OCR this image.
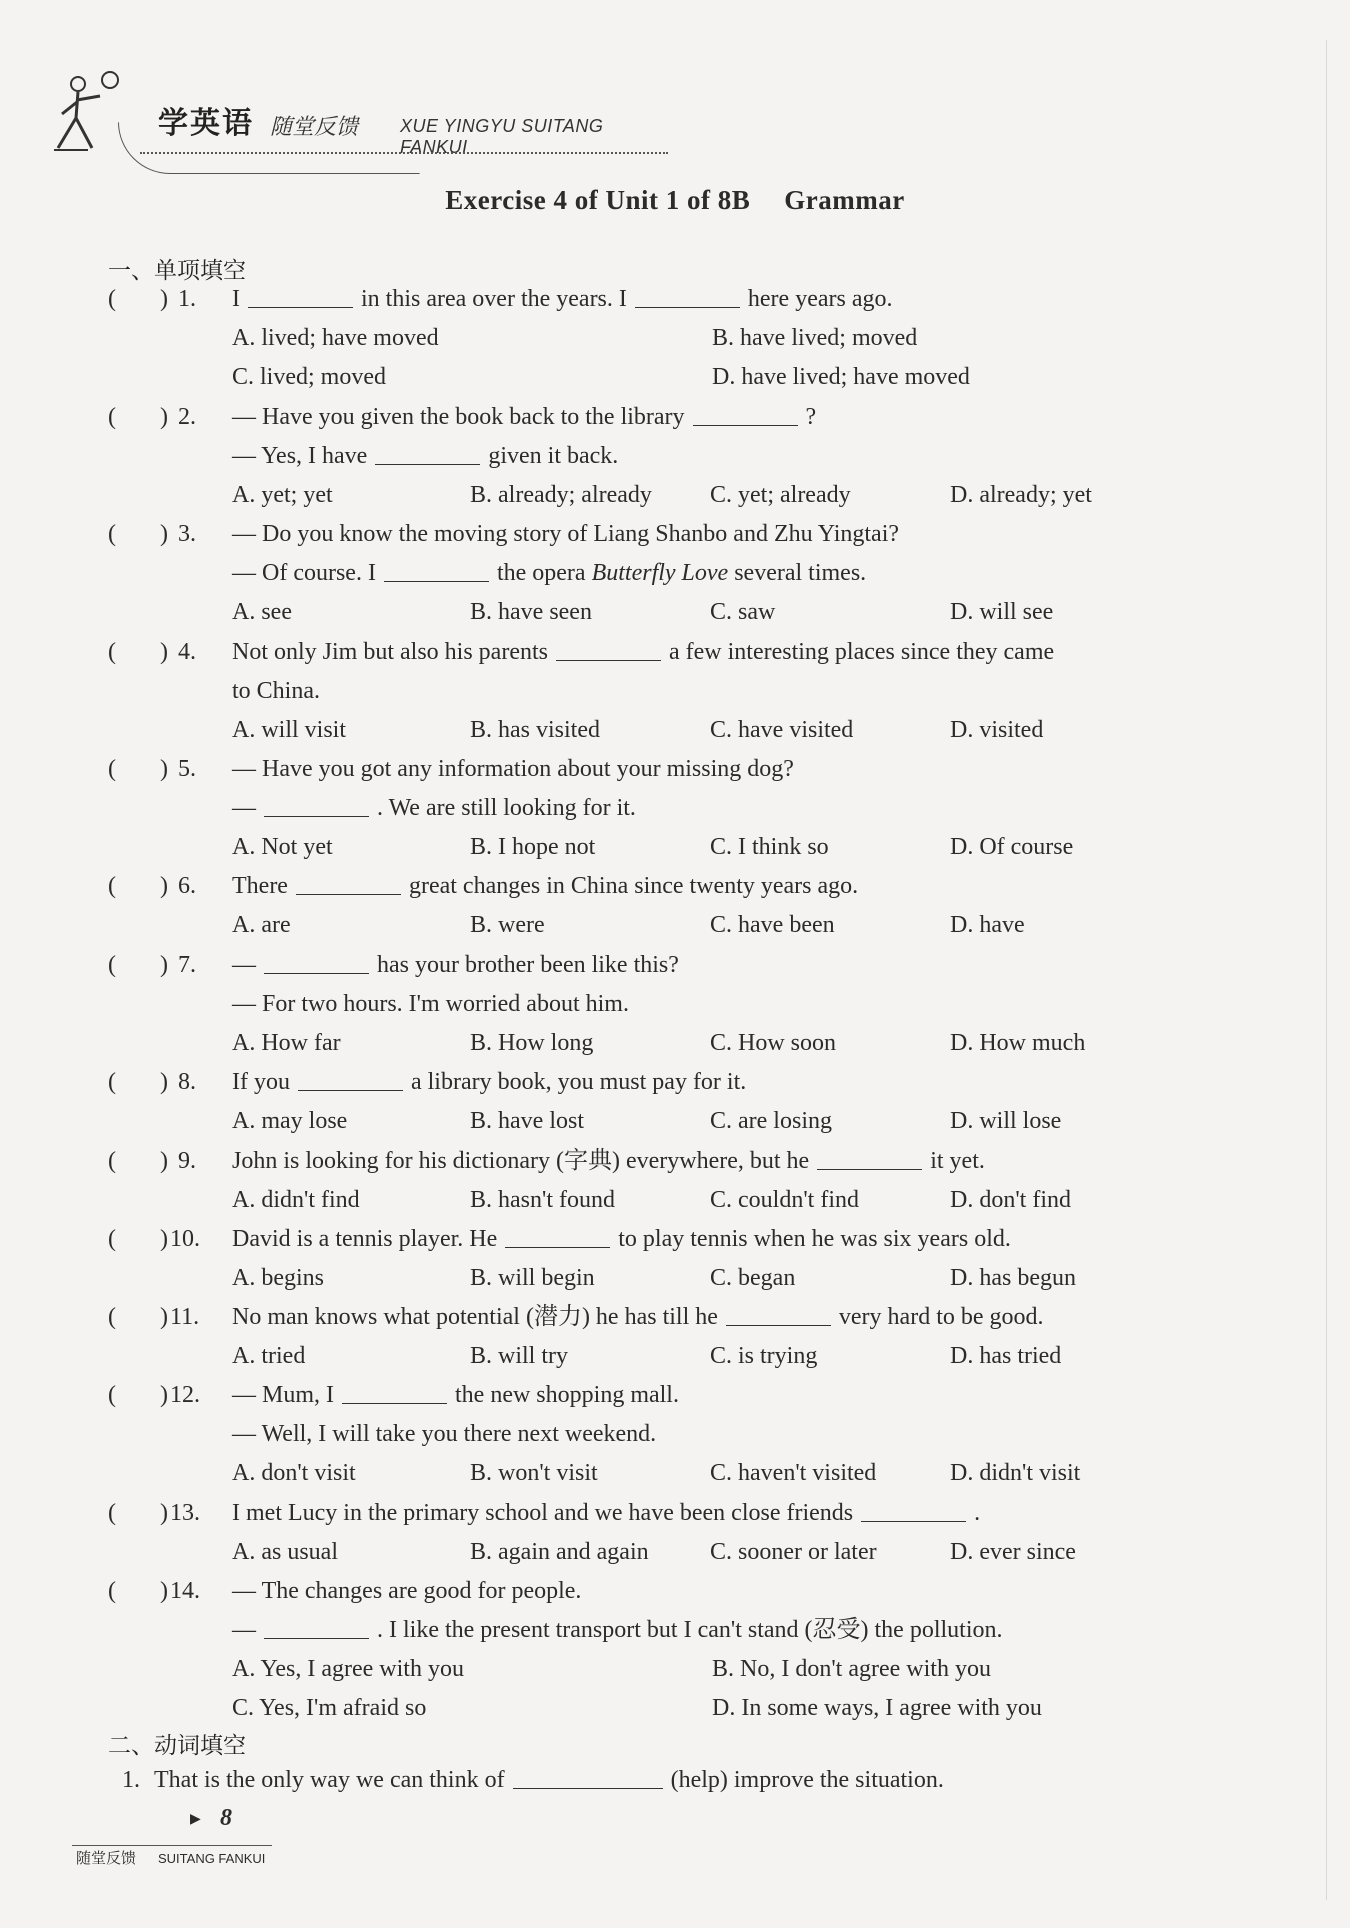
学英语 随堂反馈 XUE YINGYU SUITANG FANKUI
Exercise 4 of Unit 1 of 8B Grammar
一、单项填空
( ) 1. I	in this area over the years. I	here years ago.
A. lived; have moved	B. have lived; moved
C. lived; moved	D. have lived; have moved
( ) 2. — Have you given the book back to the library	?
— Yes, I have	given it back.
A. yet; yet	B. already; already C. yet; already	D. already; yet
( ) 3. — Do you know the moving story of Liang Shanbo and Zhu Yingtai?
— Of course. I	the opera Butterfly Love several times.
A. see	B. have seen	C. saw	D. will see
( ) 4. Not only Jim but also his parents	a few interesting places since they came
to China.
A. will visit	B. has visited	C. have visited	D. visited
( ) 5. — Have you got any information about your missing dog?
—	. We are still looking for it.
A. Not yet	B. I hope not	C. I think so	D. Of course
( ) 6. There	great changes in China since twenty years ago.
A. are	B. were	C. have been	D. have
( ) 7. —	has your brother been like this?
— For two hours. I'm worried about him.
A. How far	B. How long	C. How soon	D. How much
( ) 8. If you	a library book, you must pay for it.
A. may lose	B. have lost	C. are losing	D. will lose
( ) 9. John is looking for his dictionary (字典) everywhere, but he	it yet.
A. didn't find	B. hasn't found	C. couldn't find	D. don't find
( ) 10. David is a tennis player. He	to play tennis when he was six years old.
A. begins	B. will begin	C. began	D. has begun
( ) 11. No man knows what potential (潜力) he has till he	very hard to be good.
A. tried	B. will try	C. is trying	D. has tried
( ) 12. — Mum, I	the new shopping mall.
— Well, I will take you there next weekend.
A. don't visit	B. won't visit	C. haven't visited	D. didn't visit
( ) 13. I met Lucy in the primary school and we have been close friends	.
A. as usual	B. again and again	C. sooner or later	D. ever since
( ) 14. — The changes are good for people.
—	. I like the present transport but I can't stand (忍受) the pollution.
A. Yes, I agree with you	B. No, I don't agree with you
C. Yes, I'm afraid so	D. In some ways, I agree with you
二、动词填空
1. That is the only way we can think of	(help) improve the situation.
▶ 8
随堂反馈 SUITANG FANKUI
